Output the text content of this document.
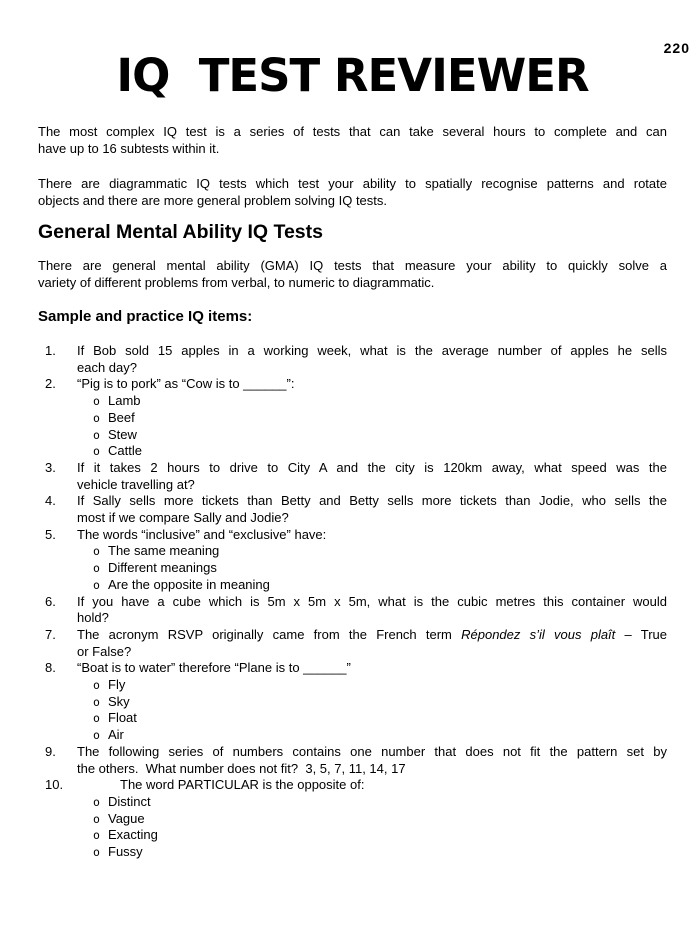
220
IQ  TEST REVIEWER
The most complex IQ test is a series of tests that can take several hours to complete and can
have up to 16 subtests within it.
There are diagrammatic IQ tests which test your ability to spatially recognise patterns and rotate
objects and there are more general problem solving IQ tests.
General Mental Ability IQ Tests
There are general mental ability (GMA) IQ tests that measure your ability to quickly solve a
variety of different problems from verbal, to numeric to diagrammatic.
Sample and practice IQ items:
1.	If Bob sold 15 apples in a working week, what is the average number of apples he sells
each day?
2.	“Pig is to pork” as “Cow is to ______”:
o Lamb
o Beef
o Stew
o Cattle
3.	If it takes 2 hours to drive to City A and the city is 120km away, what speed was the
vehicle travelling at?
4.	If Sally sells more tickets than Betty and Betty sells more tickets than Jodie, who sells the
most if we compare Sally and Jodie?
5.	The words “inclusive” and “exclusive” have:
o The same meaning
o Different meanings
o Are the opposite in meaning
6.	If you have a cube which is 5m x 5m x 5m, what is the cubic metres this container would
hold?
7.	The acronym RSVP originally came from the French term Répondez s’il vous plaît – True
or False?
8.	“Boat is to water” therefore “Plane is to ______”
o Fly
o Sky
o Float
o Air
9.	The following series of numbers contains one number that does not fit the pattern set by
the others.  What number does not fit?  3, 5, 7, 11, 14, 17
10.	The word PARTICULAR is the opposite of:
o Distinct
o Vague
o Exacting
o Fussy
